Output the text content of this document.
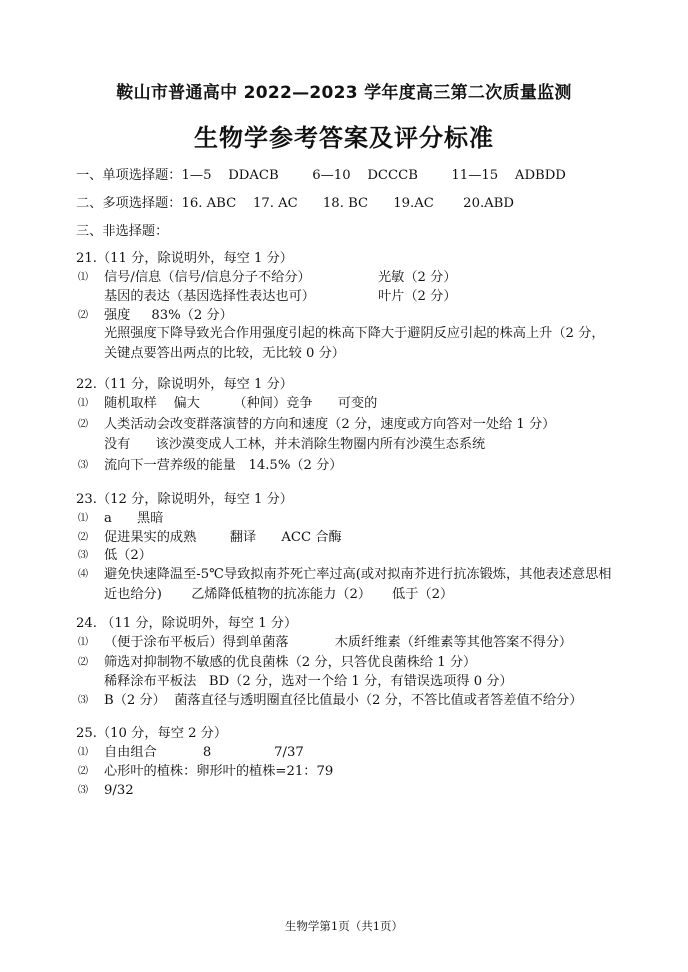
鞍山市普通高中 2022—2023 学年度高三第二次质量监测
生物学参考答案及评分标准
一、单项选择题：1—5    DDACB        6—10    DCCCB        11—15    ADBDD
二、多项选择题：16. ABC    17. AC      18. BC      19.AC       20.ABD
三、非选择题：
21.（11 分，除说明外，每空 1 分）
⑴	信号/信息（信号/信息分子不给分）	光敏（2 分）
基因的表达（基因选择性表达也可）	叶片（2 分）
⑵	强度     83%（2 分）
光照强度下降导致光合作用强度引起的株高下降大于避阴反应引起的株高上升（2 分，关键点要答出两点的比较，无比较 0 分）
22.（11 分，除说明外，每空 1 分）
⑴	随机取样    偏大        （种间）竞争      可变的
⑵	人类活动会改变群落演替的方向和速度（2 分，速度或方向答对一处给 1 分）
没有      该沙漠变成人工林，并未消除生物圈内所有沙漠生态系统
⑶	流向下一营养级的能量   14.5%（2 分）
23.（12 分，除说明外，每空 1 分）
⑴	a      黑暗
⑵	促进果实的成熟        翻译      ACC 合酶
⑶	低（2）
⑷	避免快速降温至-5℃导致拟南芥死亡率过高(或对拟南芥进行抗冻锻炼，其他表述意思相近也给分)       乙烯降低植物的抗冻能力（2）     低于（2）
24. （11 分，除说明外，每空 1 分）
⑴	（便于涂布平板后）得到单菌落           木质纤维素（纤维素等其他答案不得分）
⑵	筛选对抑制物不敏感的优良菌株（2 分，只答优良菌株给 1 分）
稀释涂布平板法   BD（2 分，选对一个给 1 分，有错误选项得 0 分）
⑶	B（2 分）  菌落直径与透明圈直径比值最小（2 分，不答比值或者答差值不给分）
25.（10 分，每空 2 分）
⑴	自由组合           8               7/37
⑵	心形叶的植株：卵形叶的植株=21：79
⑶	9/32
生物学第1页（共1页）
